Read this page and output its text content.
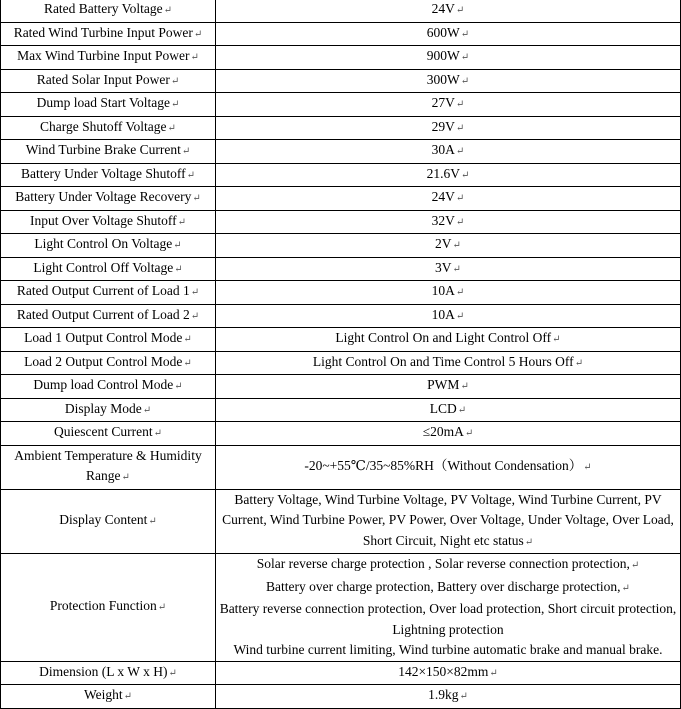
Rated Battery Voltage↵	24V↵
Rated Wind Turbine Input Power↵	600W↵
Max Wind Turbine Input Power↵	900W↵
Rated Solar Input Power↵	300W↵
Dump load Start Voltage↵	27V↵
Charge Shutoff Voltage↵	29V↵
Wind Turbine Brake Current↵	30A↵
Battery Under Voltage Shutoff↵	21.6V↵
Battery Under Voltage Recovery↵	24V↵
Input Over Voltage Shutoff↵	32V↵
Light Control On Voltage↵	2V↵
Light Control Off Voltage↵	3V↵
Rated Output Current of Load 1↵	10A↵
Rated Output Current of Load 2↵	10A↵
Load 1 Output Control Mode↵	Light Control On and Light Control Off↵
Load 2 Output Control Mode↵	Light Control On and Time Control 5 Hours Off↵
Dump load Control Mode↵	PWM↵
Display Mode↵	LCD↵
Quiescent Current↵	≤20mA↵
Ambient Temperature & Humidity Range↵	-20~+55℃/35~85%RH（Without Condensation）↵
Display Content↵	Battery Voltage, Wind Turbine Voltage, PV Voltage, Wind Turbine Current, PV Current, Wind Turbine Power, PV Power, Over Voltage, Under Voltage, Over Load, Short Circuit, Night etc status↵
Protection Function↵	Solar reverse charge protection , Solar reverse connection protection,↵
Battery over charge protection, Battery over discharge protection,↵
Battery reverse connection protection, Over load protection, Short circuit protection, Lightning protection
Wind turbine current limiting, Wind turbine automatic brake and manual brake.

Dimension (L x W x H)↵	142×150×82mm↵
Weight↵	1.9kg↵
